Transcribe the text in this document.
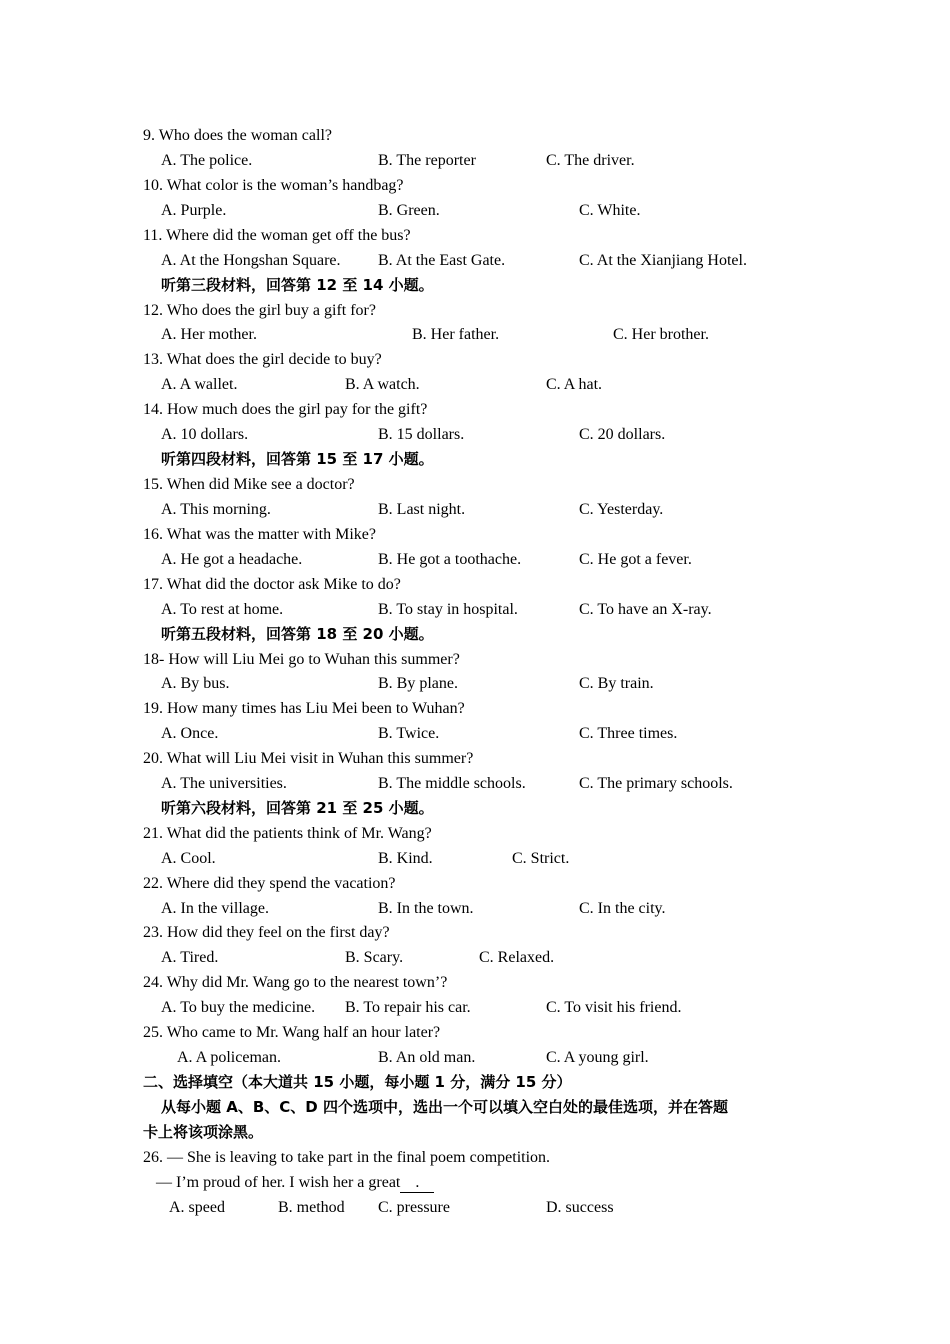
9. Who does the woman call?
A. The police.	B. The reporter	C. The driver.
10. What color is the woman’s handbag?
A. Purple.	B. Green.	C. White.
11. Where did the woman get off the bus?
A. At the Hongshan Square. B. At the East Gate.	C. At the Xianjiang Hotel.
听第三段材料，回答第 12 至 14 小题。
12. Who does the girl buy a gift for?
A. Her mother.	B. Her father.	C. Her brother.
13. What does the girl decide to buy?
A. A wallet.	B. A watch.	C. A hat.
14. How much does the girl pay for the gift?
A. 10 dollars.	B. 15 dollars.	C. 20 dollars.
听第四段材料，回答第 15 至 17 小题。
15. When did Mike see a doctor?
A. This morning.	B. Last night.	C. Yesterday.
16. What was the matter with Mike?
A. He got a headache.	B. He got a toothache.	C. He got a fever.
17. What did the doctor ask Mike to do?
A. To rest at home.	B. To stay in hospital.	C. To have an X-ray.
听第五段材料，回答第 18 至 20 小题。
18- How will Liu Mei go to Wuhan this summer?
A. By bus.	B. By plane.	C. By train.
19. How many times has Liu Mei been to Wuhan?
A. Once.	B. Twice.	C. Three times.
20. What will Liu Mei visit in Wuhan this summer?
A. The universities.	B. The middle schools.	C. The primary schools.
听第六段材料，回答第 21 至 25 小题。
21. What did the patients think of Mr. Wang?
A. Cool.	B. Kind.	C. Strict.
22. Where did they spend the vacation?
A. In the village.	B. In the town.	C. In the city.
23. How did they feel on the first day?
A. Tired.	B. Scary.	C. Relaxed.
24. Why did Mr. Wang go to the nearest town’?
A. To buy the medicine. B. To repair his car.	C. To visit his friend.
25. Who came to Mr. Wang half an hour later?
A. A policeman.	B. An old man.	C. A young girl.
二、选择填空（本大道共 15 小题，每小题 1 分，满分 15 分）
从每小题 A、B、C、D 四个选项中，选出一个可以填入空白处的最佳选项，并在答题
卡上将该项涂黑。
26. — She is leaving to take part in the final poem competition.
— I’m proud of her. I wish her a great .
A. speed	B. method C. pressure	D. success
